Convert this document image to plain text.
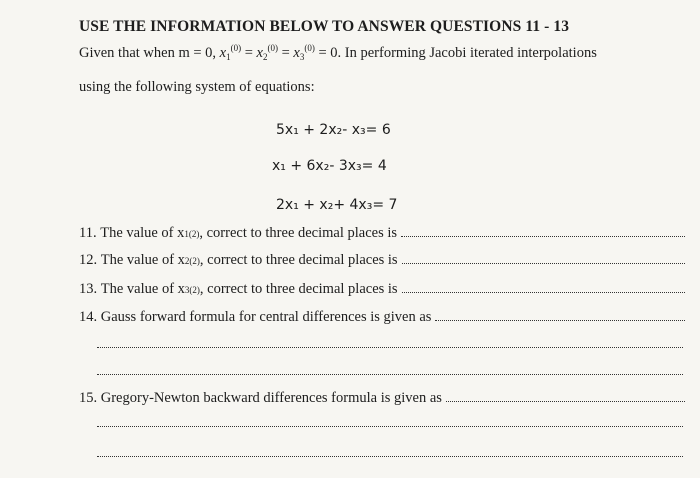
USE THE INFORMATION BELOW TO ANSWER QUESTIONS 11 - 13
Given that when m = 0, $x_1^{(0)} = x_2^{(0)} = x_3^{(0)} = 0$. In performing Jacobi iterated interpolations
using the following system of equations:
5x₁ + 2x₂- x₃= 6
x₁ + 6x₂- 3x₃= 4
2x₁ + x₂+ 4x₃= 7
11.
The value of x 1 (2) , correct to three decimal places is
12.
The value of x 2 (2) , correct to three decimal places is
13.
The value of x 3 (2) , correct to three decimal places is
14.
Gauss forward formula for central differences is given as
15.
Gregory-Newton backward differences formula is given as
